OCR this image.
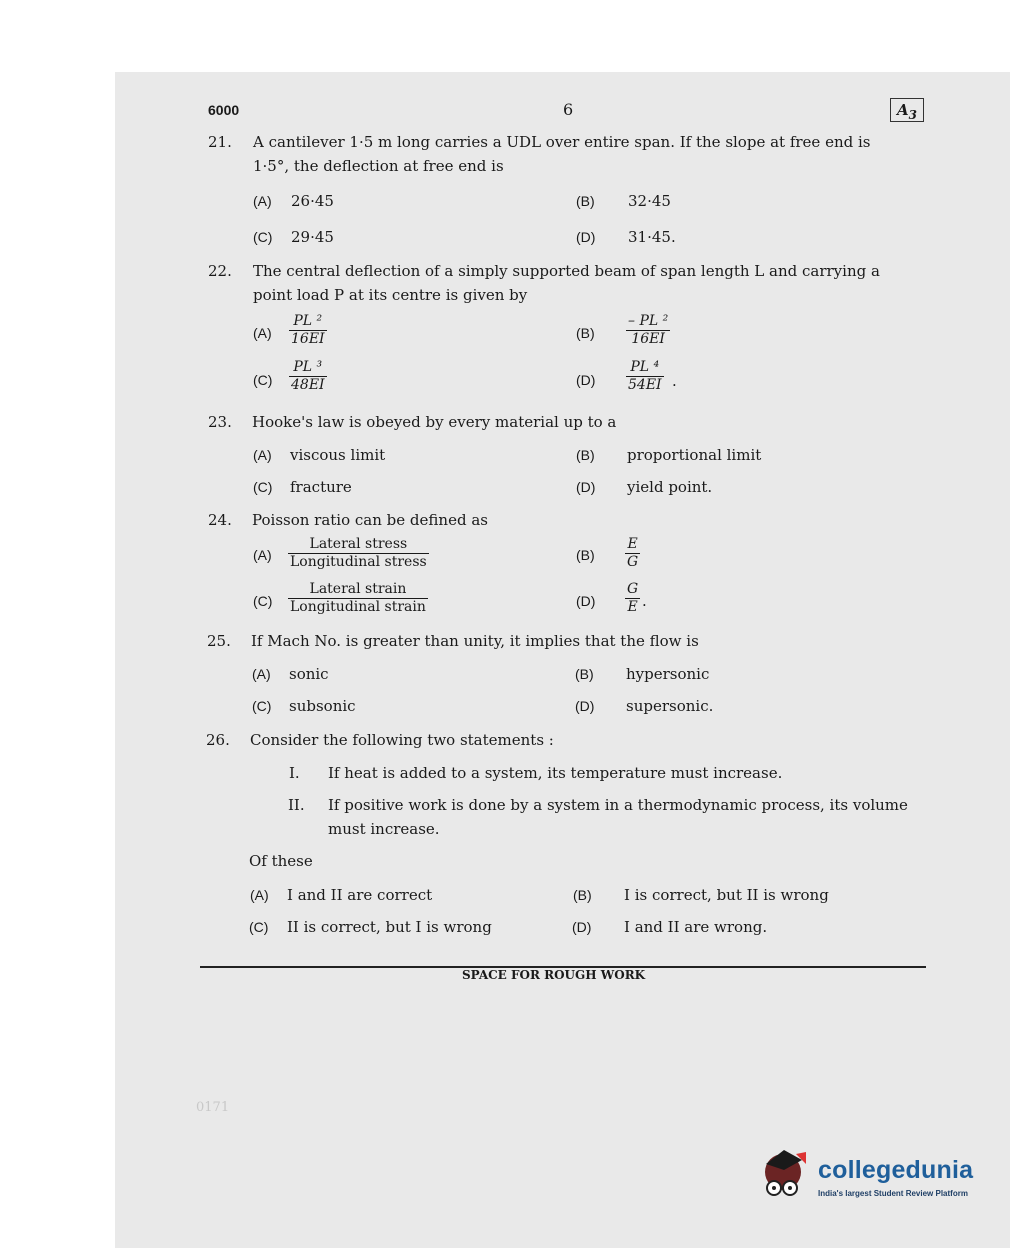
6000	6	$A_3$
21. A cantilever 1·5 m long carries a UDL over entire span. If the slope at free end is
1·5°, the deflection at free end is
(A) 26·45	(B) 32·45
(C) 29·45	(D) 31·45.
22. The central deflection of a simply supported beam of span length L and carrying a
point load P at its centre is given by
$(A) \frac{\text{PL ²}}{16EI}$	$(B) \frac{\text{– PL ²}}{16EI}$
$(C) \frac{\text{PL ³}}{48EI}$	$(D) \frac{\text{PL ⁴}}{54EI}$ ·
23. Hooke's law is obeyed by every material up to a
(A) viscous limit	(B) proportional limit
(C) fracture	(D) yield point.
24. Poisson ratio can be defined as
(A)
Lateral stress
Longitudinal stress	$(B) \frac{E}{G}$
(C)
Lateral strain
Longitudinal strain	$(D) \frac{G}{E}$ ·
25. If Mach No. is greater than unity, it implies that the flow is
(A) sonic	(B) hypersonic
(C) subsonic	(D) supersonic.
26. Consider the following two statements :
I. If heat is added to a system, its temperature must increase.
II. If positive work is done by a system in a thermodynamic process, its volume
must increase.
Of these
(A) I and II are correct	(B) I is correct, but II is wrong
(C) II is correct, but I is wrong	(D) I and II are wrong.
SPACE FOR ROUGH WORK
0171
collegedunia
India's largest Student Review Platform
